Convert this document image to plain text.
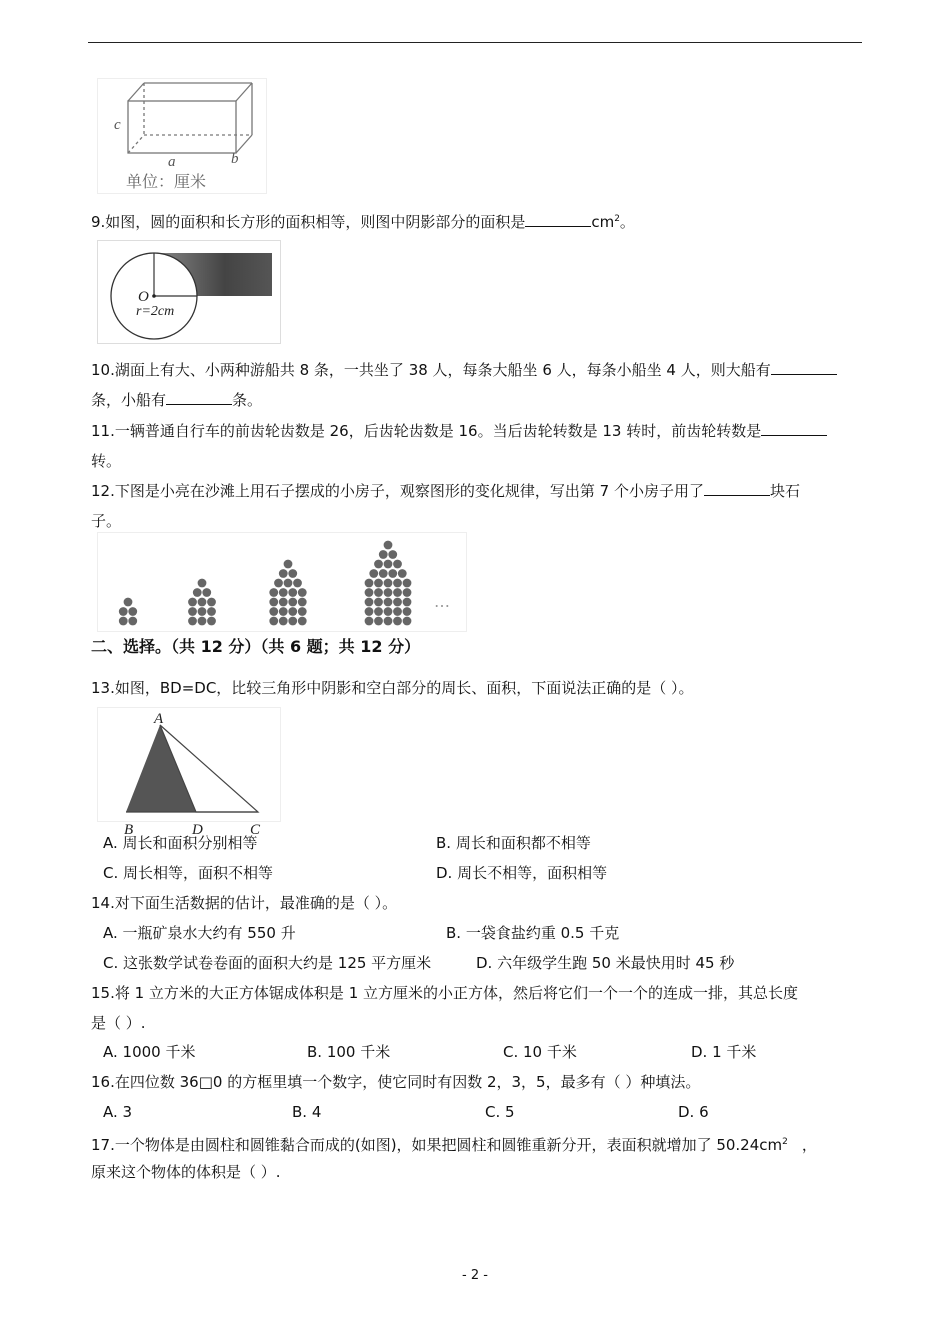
c
a	b
单位：厘米
9.如图，圆的面积和长方形的面积相等，则图中阴影部分的面积是	$cm^2$。
O
r=2cm
10.湖面上有大、小两种游船共 8 条，一共坐了 38 人，每条大船坐 6 人，每条小船坐 4 人，则大船有
条，小船有	条。
11.一辆普通自行车的前齿轮齿数是 26，后齿轮齿数是 16。当后齿轮转数是 13 转时，前齿轮转数是
转。
12.下图是小亮在沙滩上用石子摆成的小房子，观察图形的变化规律，写出第 7 个小房子用了	块石
子。
…
二、选择。（共 12 分）（共 6 题；共 12 分）
13.如图，BD=DC，比较三角形中阴影和空白部分的周长、面积，下面说法正确的是（ ）。
A
B	D	C
A. 周长和面积分别相等	B. 周长和面积都不相等
C. 周长相等，面积不相等	D. 周长不相等，面积相等
14.对下面生活数据的估计，最准确的是（ ）。
A. 一瓶矿泉水大约有 550 升	B. 一袋食盐约重 0.5 千克
C. 这张数学试卷卷面的面积大约是 125 平方厘米	D. 六年级学生跑 50 米最快用时 45 秒
15.将 1 立方米的大正方体锯成体积是 1 立方厘米的小正方体，然后将它们一个一个的连成一排，其总长度
是（ ）.
A. 1000 千米	B. 100 千米	C. 10 千米	D. 1 千米
16.在四位数 36□0 的方框里填一个数字，使它同时有因数 2，3，5，最多有（ ）种填法。
A. 3	B. 4	C. 5	D. 6
17.一个物体是由圆柱和圆锥黏合而成的(如图)，如果把圆柱和圆锥重新分开，表面积就增加了 $50.24cm^2$ ，
原来这个物体的体积是（ ）.
- 2 -
